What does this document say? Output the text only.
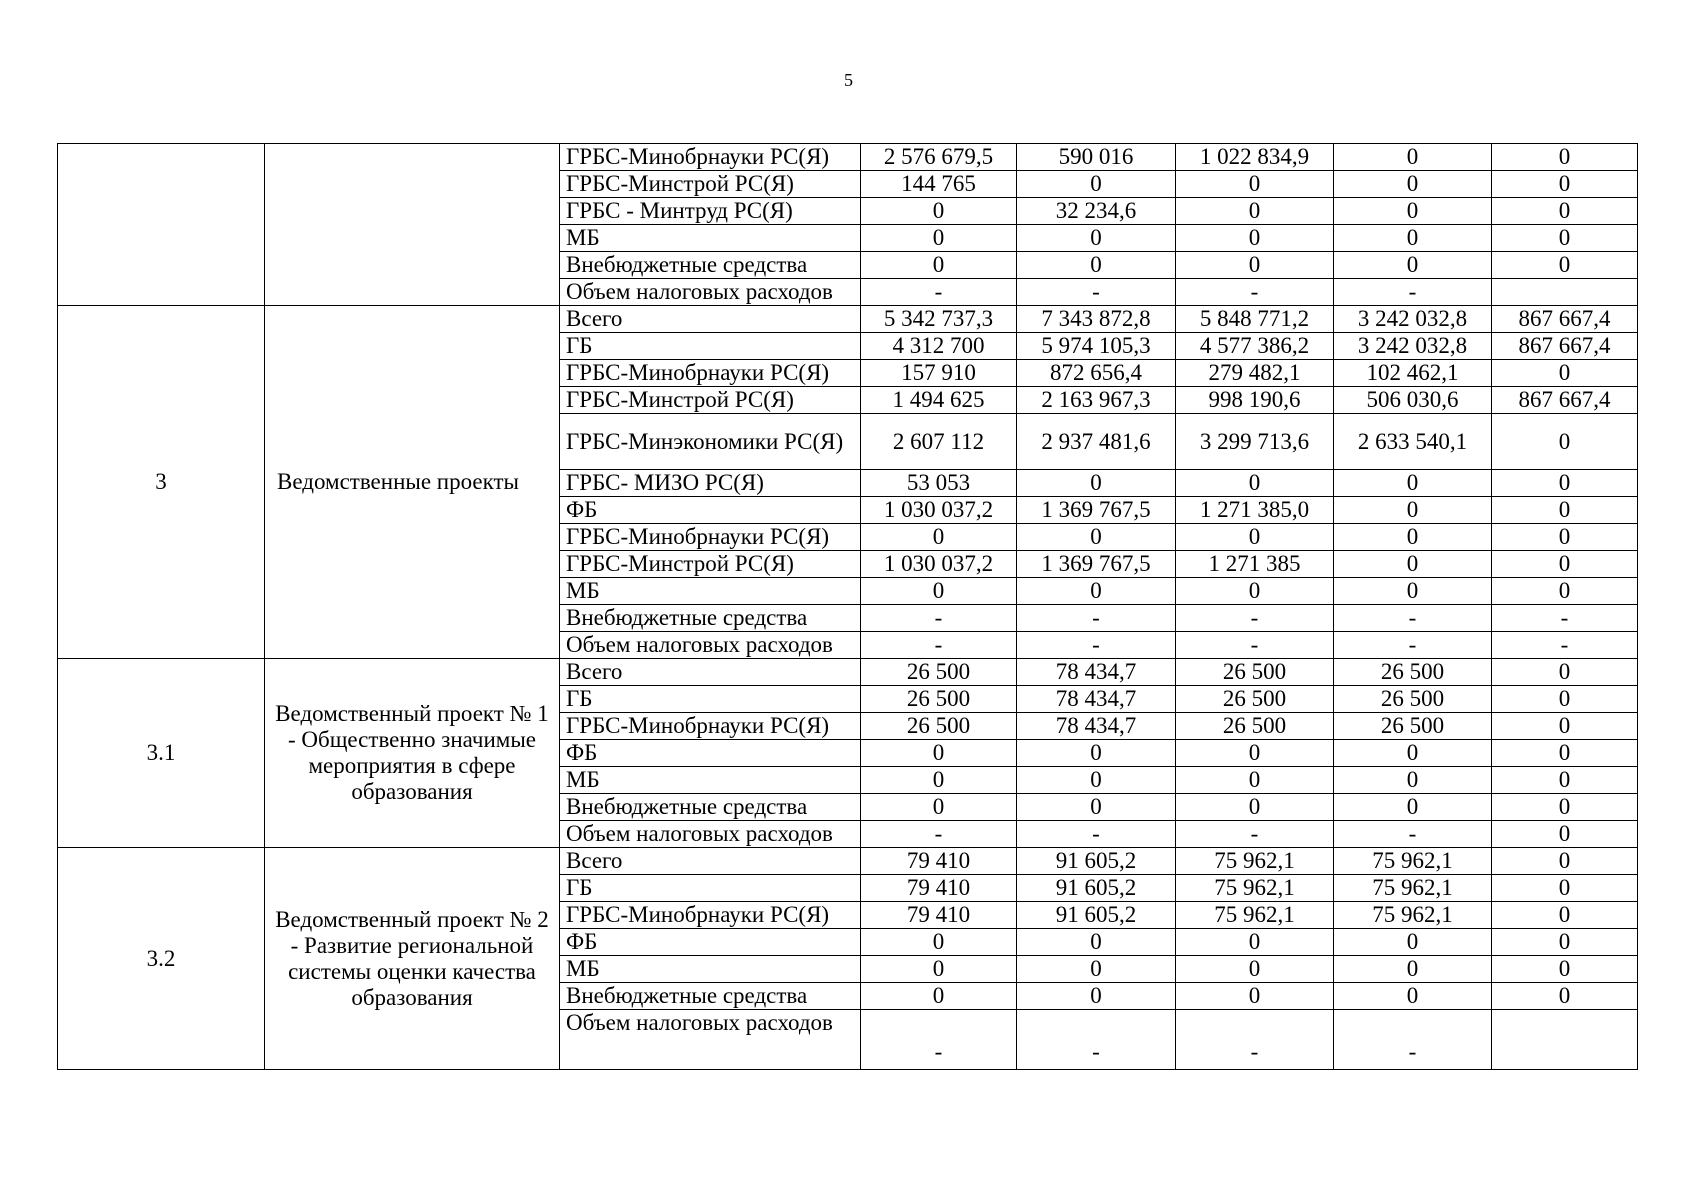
5
		ГРБС-Минобрнауки РС(Я)	2 576 679,5	590 016	1 022 834,9	0	0
		ГРБС-Минстрой РС(Я)	144 765	0	0	0	0
		ГРБС - Минтруд РС(Я)	0	32 234,6	0	0	0
		МБ	0	0	0	0	0
		Внебюджетные средства	0	0	0	0	0
		Объем налоговых расходов	-	-	-	-	
3	Ведомственные проекты	Всего	5 342 737,3	7 343 872,8	5 848 771,2	3 242 032,8	867 667,4
		ГБ	4 312 700	5 974 105,3	4 577 386,2	3 242 032,8	867 667,4
		ГРБС-Минобрнауки РС(Я)	157 910	872 656,4	279 482,1	102 462,1	0
		ГРБС-Минстрой РС(Я)	1 494 625	2 163 967,3	998 190,6	506 030,6	867 667,4
		ГРБС-Минэкономики РС(Я)	2 607 112	2 937 481,6	3 299 713,6	2 633 540,1	0
		ГРБС- МИЗО РС(Я)	53 053	0	0	0	0
		ФБ	1 030 037,2	1 369 767,5	1 271 385,0	0	0
		ГРБС-Минобрнауки РС(Я)	0	0	0	0	0
		ГРБС-Минстрой РС(Я)	1 030 037,2	1 369 767,5	1 271 385	0	0
		МБ	0	0	0	0	0
		Внебюджетные средства	-	-	-	-	-
		Объем налоговых расходов	-	-	-	-	-
3.1	Ведомственный проект № 1 - Общественно значимые мероприятия в сфере образования	Всего	26 500	78 434,7	26 500	26 500	0
		ГБ	26 500	78 434,7	26 500	26 500	0
		ГРБС-Минобрнауки РС(Я)	26 500	78 434,7	26 500	26 500	0
		ФБ	0	0	0	0	0
		МБ	0	0	0	0	0
		Внебюджетные средства	0	0	0	0	0
		Объем налоговых расходов	-	-	-	-	0
3.2	Ведомственный проект № 2 - Развитие региональной системы оценки качества образования	Всего	79 410	91 605,2	75 962,1	75 962,1	0
		ГБ	79 410	91 605,2	75 962,1	75 962,1	0
		ГРБС-Минобрнауки РС(Я)	79 410	91 605,2	75 962,1	75 962,1	0
		ФБ	0	0	0	0	0
		МБ	0	0	0	0	0
		Внебюджетные средства	0	0	0	0	0
		Объем налоговых расходов	-	-	-	-	
